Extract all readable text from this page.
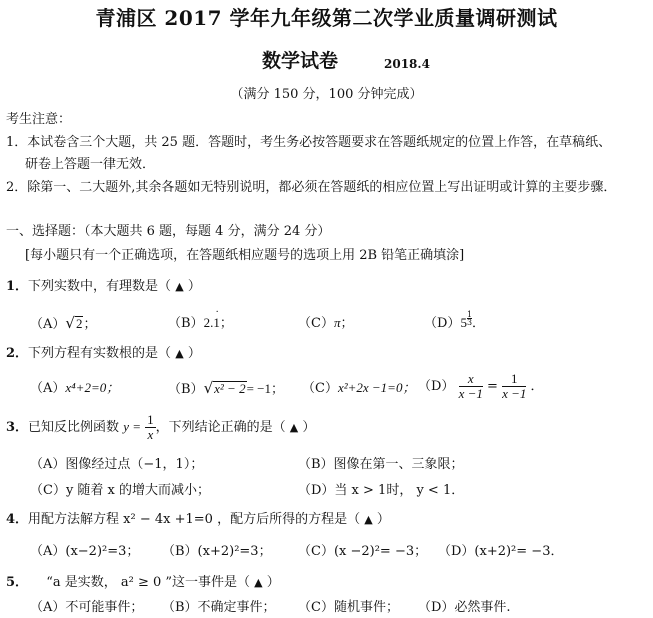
青浦区 2017 学年九年级第二次学业质量调研测试
数学试卷	2018.4
（满分 150 分，100 分钟完成）
考生注意：
1．本试卷含三个大题，共 25 题．答题时，考生务必按答题要求在答题纸规定的位置上作答，在草稿纸、
研卷上答题一律无效．
2．除第一、二大题外,其余各题如无特别说明，都必须在答题纸的相应位置上写出证明或计算的主要步骤．
一、选择题：（本大题共 6 题，每题 4 分，满分 24 分）
[每小题只有一个正确选项，在答题纸相应题号的选项上用 2B 铅笔正确填涂]
1．下列实数中，有理数是（ ▲ ）
（A）√2；	（B）2.1
·
；	（C）π；	$(D)5 \frac{1}{3}$ ．
2．下列方程有实数根的是（ ▲ ）
（A）x⁴+2=0；	（B）√x² − 2= −1； （C）x²+2x −1=0； $(D) \frac{x}{x -1} = \frac{1}{x -1}$ ．
3．已知反比例函数 $y = \frac{1}{x}$ ，下列结论正确的是（ ▲ ）
（A）图像经过点（−1，1）；	（B）图像在第一、三象限；
（C）y 随着 x 的增大而减小；	（D）当 x > 1时， y < 1．
4．用配方法解方程 x² − 4x +1=0 ，配方后所得的方程是（ ▲ ）
（A）(x−2)²=3； （B）(x+2)²=3； （C）(x −2)²= −3； （D）(x+2)²= −3．
5． “a 是实数， a² ≥ 0 ”这一事件是（ ▲ ）
（A）不可能事件； （B）不确定事件； （C）随机事件； （D）必然事件.
